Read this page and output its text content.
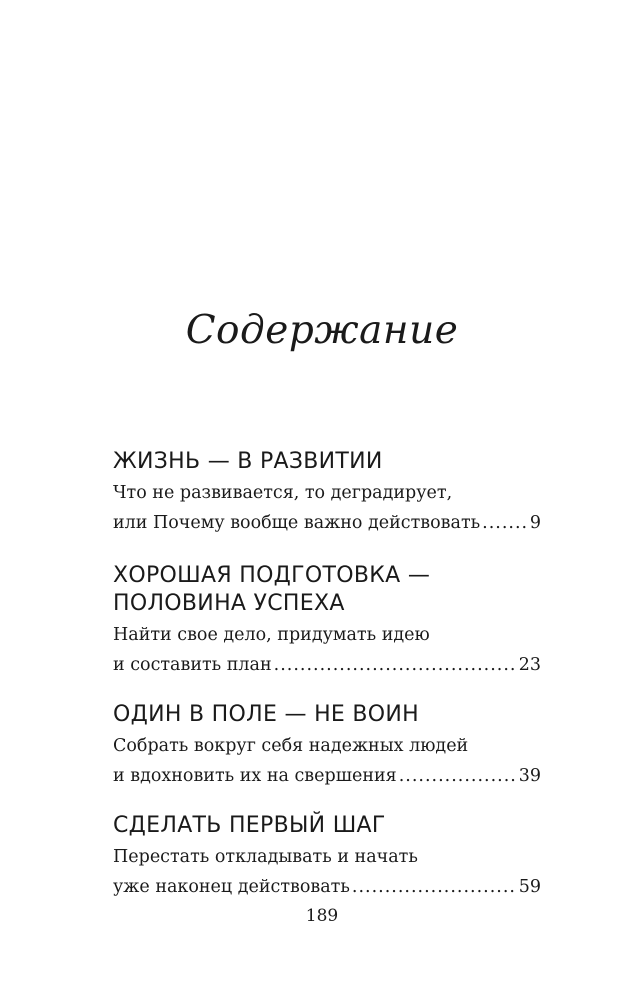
Содержание
ЖИЗНЬ — В РАЗВИТИИ
Что не развивается, то деградирует,
или Почему вообще важно действовать .....	9
ХОРОШАЯ ПОДГОТОВКА —
ПОЛОВИНА УСПЕХА
Найти свое дело, придумать идею
и составить план .....	23
ОДИН В ПОЛЕ — НЕ ВОИН
Собрать вокруг себя надежных людей
и вдохновить их на свершения .....	39
СДЕЛАТЬ ПЕРВЫЙ ШАГ
Перестать откладывать и начать
уже наконец действовать .....	59
189
